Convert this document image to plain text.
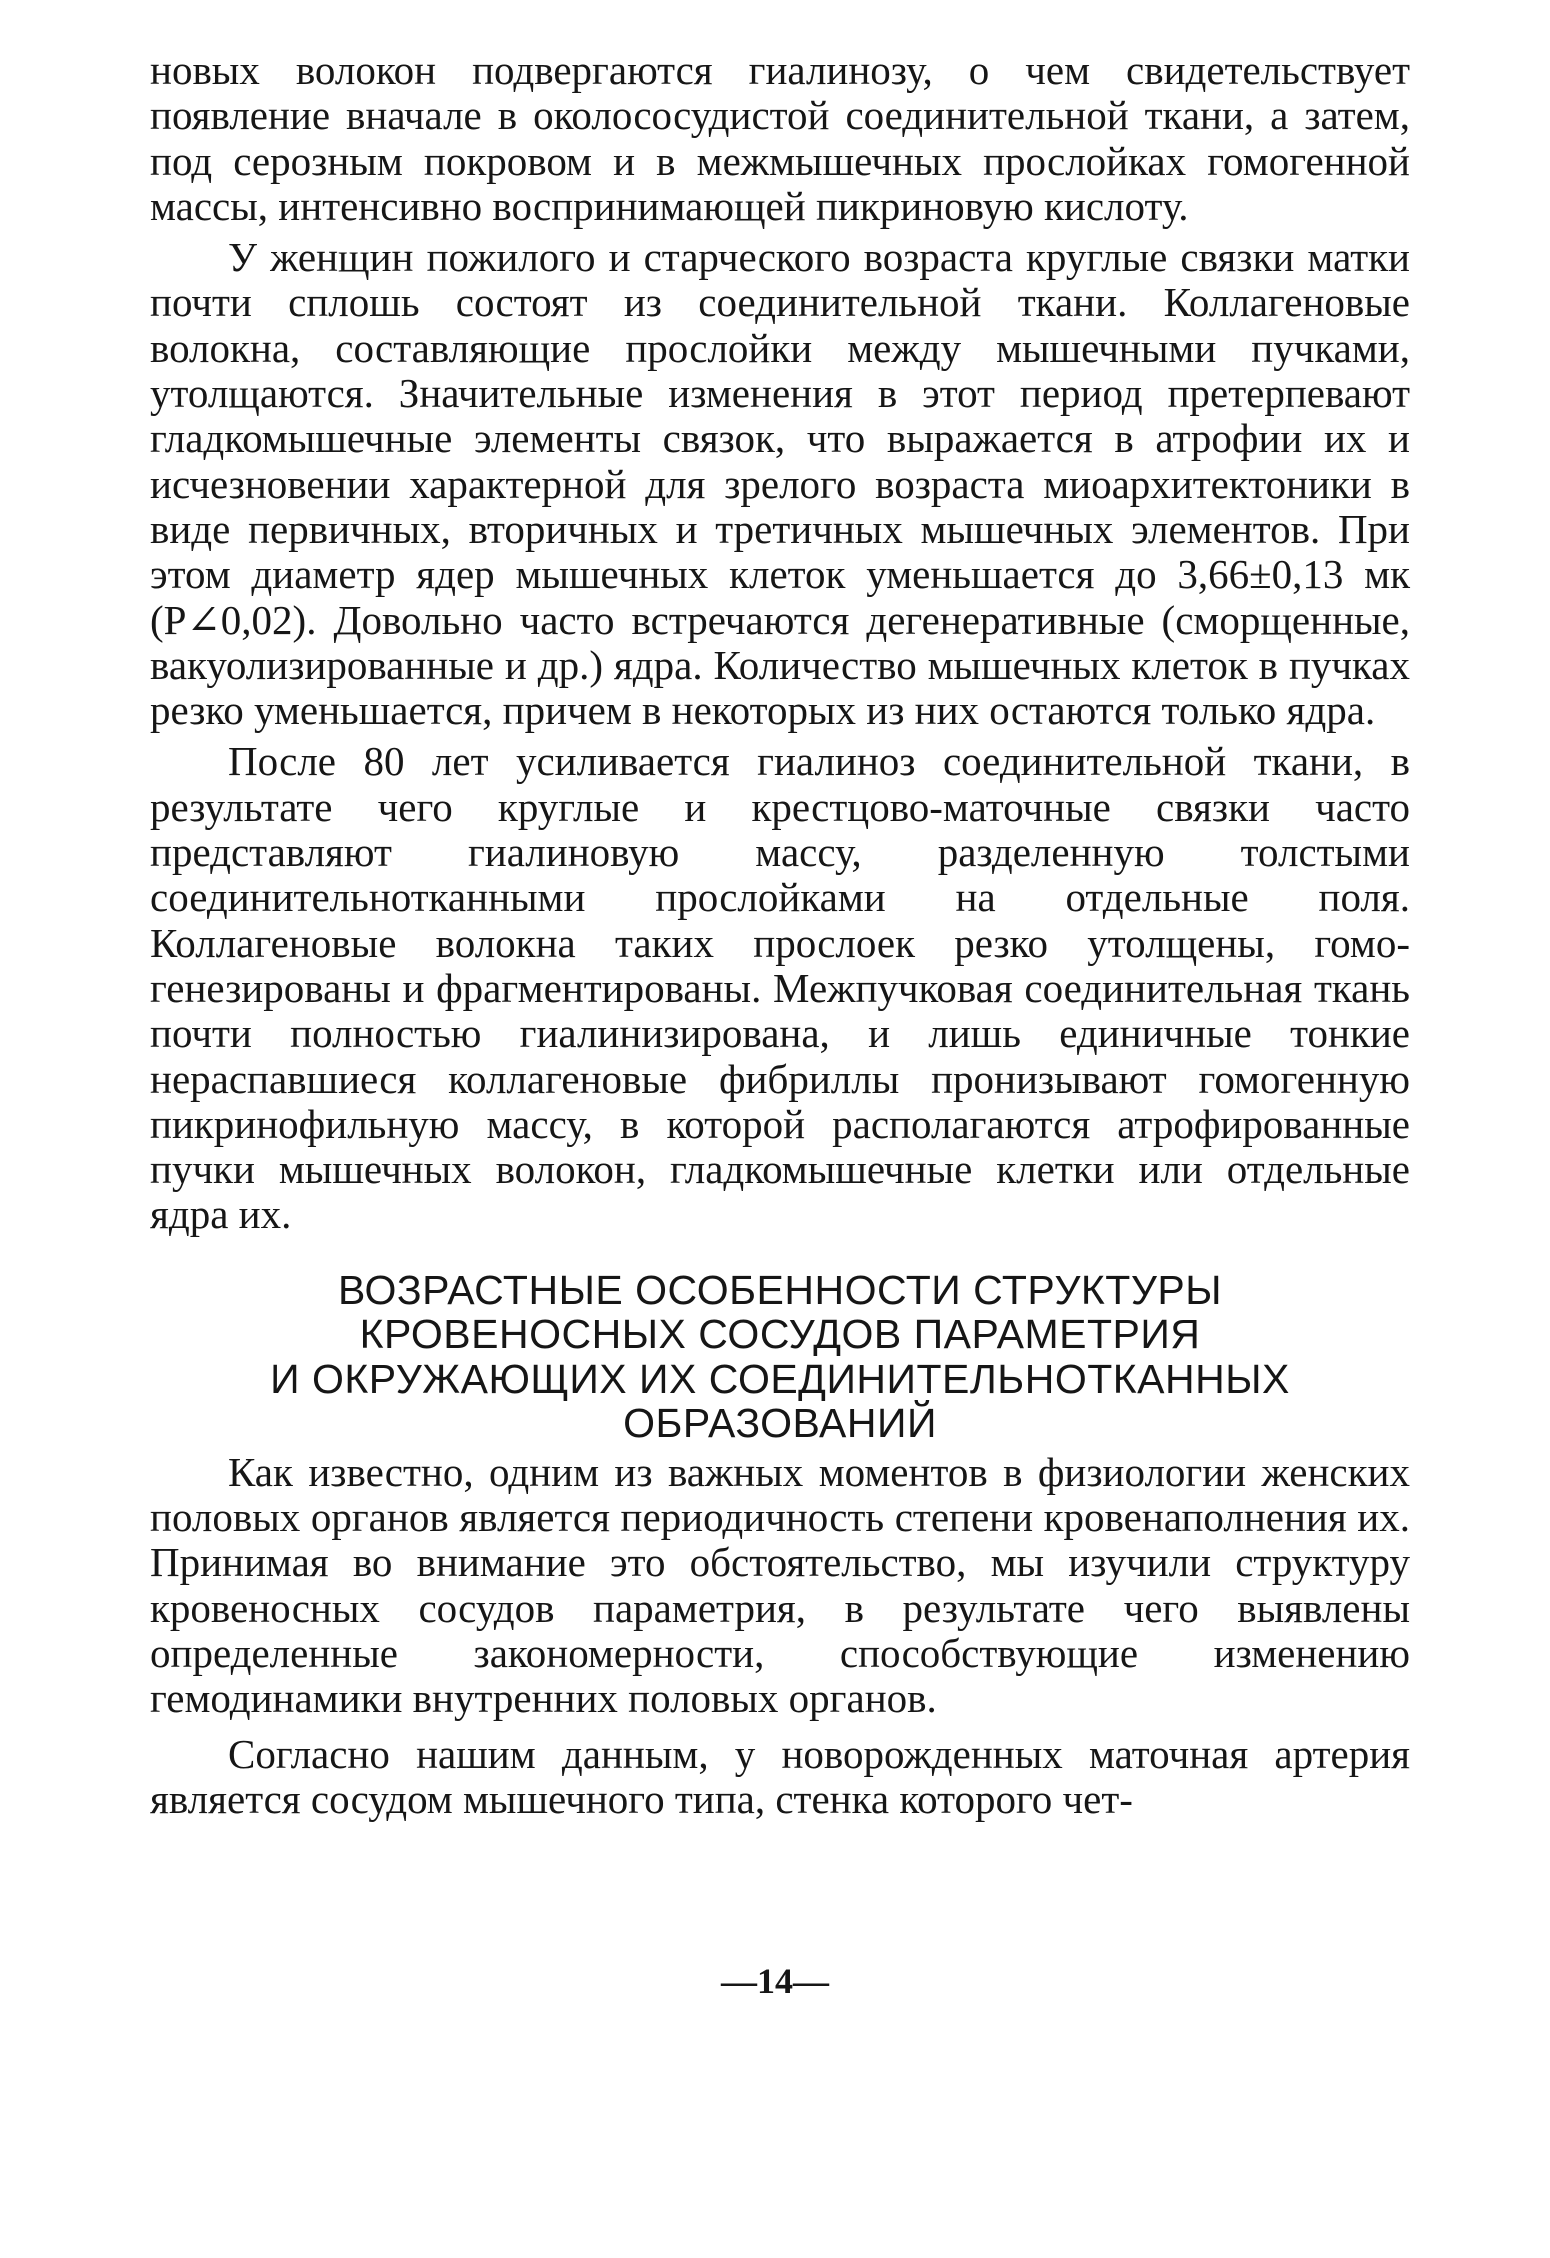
новых волокон подвергаются гиалинозу, о чем свидетельствует появление вначале в околососудистой соединительной ткани, а затем, под серозным покровом и в межмышечных прослойках гомогенной массы, интенсивно воспринимающей пикриновую кислоту.

У женщин пожилого и старческого возраста круглые связки матки почти сплошь состоят из соединительной ткани. Коллагеновые волокна, составляющие прослойки между мышечными пучками, утолщаются. Значительные изменения в этот период претерпевают гладкомышечные элементы связок, что выражается в атрофии их и исчезновении характерной для зрелого возраста миоархитектоники в виде первичных, вторичных и третичных мышечных элементов. При этом диаметр ядер мышечных клеток уменьшается до 3,66±0,13 мк (P∠0,02). Довольно часто встречаются дегенеративные (сморщенные, вакуолизированные и др.) ядра. Количество мышечных клеток в пучках резко уменьшается, причем в некоторых из них остаются только ядра.

После 80 лет усиливается гиалиноз соединительной ткани, в результате чего круглые и крестцово-маточные связки часто представляют гиалиновую массу, разделенную толстыми соединительнотканными прослойками на отдельные поля. Коллагеновые волокна таких прослоек резко утолщены, гомогенезированы и фрагментированы. Межпучковая соединительная ткань почти полностью гиалинизирована, и лишь единичные тонкие нераспавшиеся коллагеновые фибриллы пронизывают гомогенную пикринофильную массу, в которой располагаются атрофированные пучки мышечных волокон, гладкомышечные клетки или отдельные ядра их.

ВОЗРАСТНЫЕ ОСОБЕННОСТИ СТРУКТУРЫ
КРОВЕНОСНЫХ СОСУДОВ ПАРАМЕТРИЯ
И ОКРУЖАЮЩИХ ИХ СОЕДИНИТЕЛЬНОТКАННЫХ
ОБРАЗОВАНИЙ

Как известно, одним из важных моментов в физиологии женских половых органов является периодичность степени кровенаполнения их. Принимая во внимание это обстоятельство, мы изучили структуру кровеносных сосудов параметрия, в результате чего выявлены определенные закономерности, способствующие изменению гемодинамики внутренних половых органов.

Согласно нашим данным, у новорожденных маточная артерия является сосудом мышечного типа, стенка которого чет-

—14—
